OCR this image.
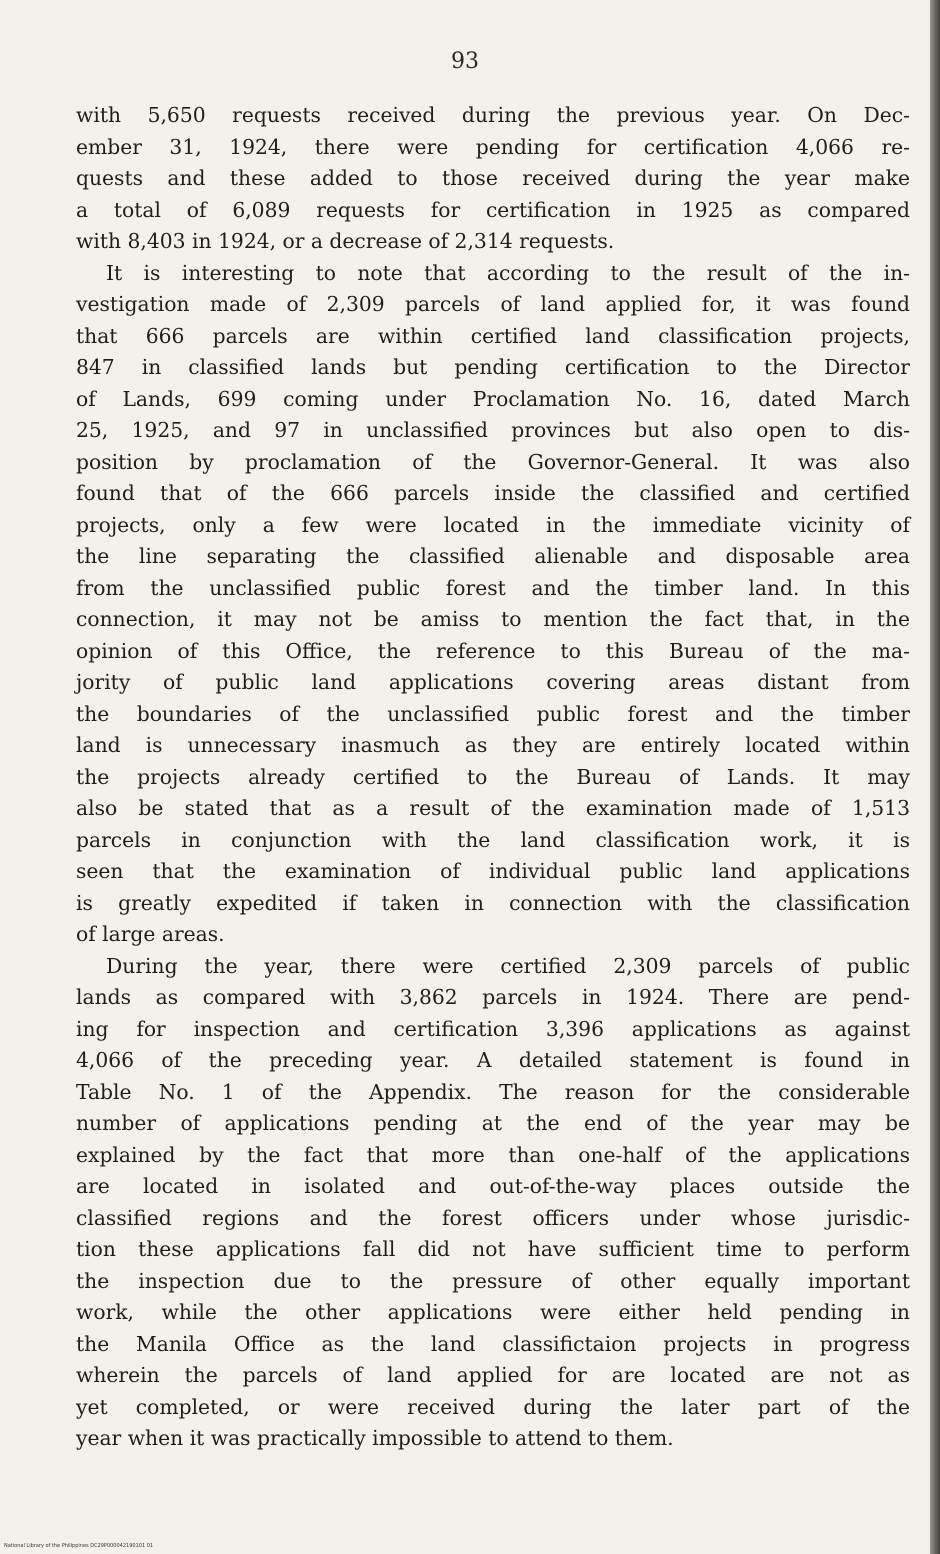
93

with 5,650 requests received during the previous year. On Dec-
ember 31, 1924, there were pending for certification 4,066 re-
quests and these added to those received during the year make
a total of 6,089 requests for certification in 1925 as compared
with 8,403 in 1924, or a decrease of 2,314 requests.

It is interesting to note that according to the result of the in-
vestigation made of 2,309 parcels of land applied for, it was found
that 666 parcels are within certified land classification projects,
847 in classified lands but pending certification to the Director
of Lands, 699 coming under Proclamation No. 16, dated March
25, 1925, and 97 in unclassified provinces but also open to dis-
position by proclamation of the Governor-General. It was also
found that of the 666 parcels inside the classified and certified
projects, only a few were located in the immediate vicinity of
the line separating the classified alienable and disposable area
from the unclassified public forest and the timber land. In this
connection, it may not be amiss to mention the fact that, in the
opinion of this Office, the reference to this Bureau of the ma-
jority of public land applications covering areas distant from
the boundaries of the unclassified public forest and the timber
land is unnecessary inasmuch as they are entirely located within
the projects already certified to the Bureau of Lands. It may
also be stated that as a result of the examination made of 1,513
parcels in conjunction with the land classification work, it is
seen that the examination of individual public land applications
is greatly expedited if taken in connection with the classification
of large areas.

During the year, there were certified 2,309 parcels of public
lands as compared with 3,862 parcels in 1924. There are pend-
ing for inspection and certification 3,396 applications as against
4,066 of the preceding year. A detailed statement is found in
Table No. 1 of the Appendix. The reason for the considerable
number of applications pending at the end of the year may be
explained by the fact that more than one-half of the applications
are located in isolated and out-of-the-way places outside the
classified regions and the forest officers under whose jurisdic-
tion these applications fall did not have sufficient time to perform
the inspection due to the pressure of other equally important
work, while the other applications were either held pending in
the Manila Office as the land classifictaion projects in progress
wherein the parcels of land applied for are located are not as
yet completed, or were received during the later part of the
year when it was practically impossible to attend to them.

National Library of the Philippines DC29P000042190101 01
